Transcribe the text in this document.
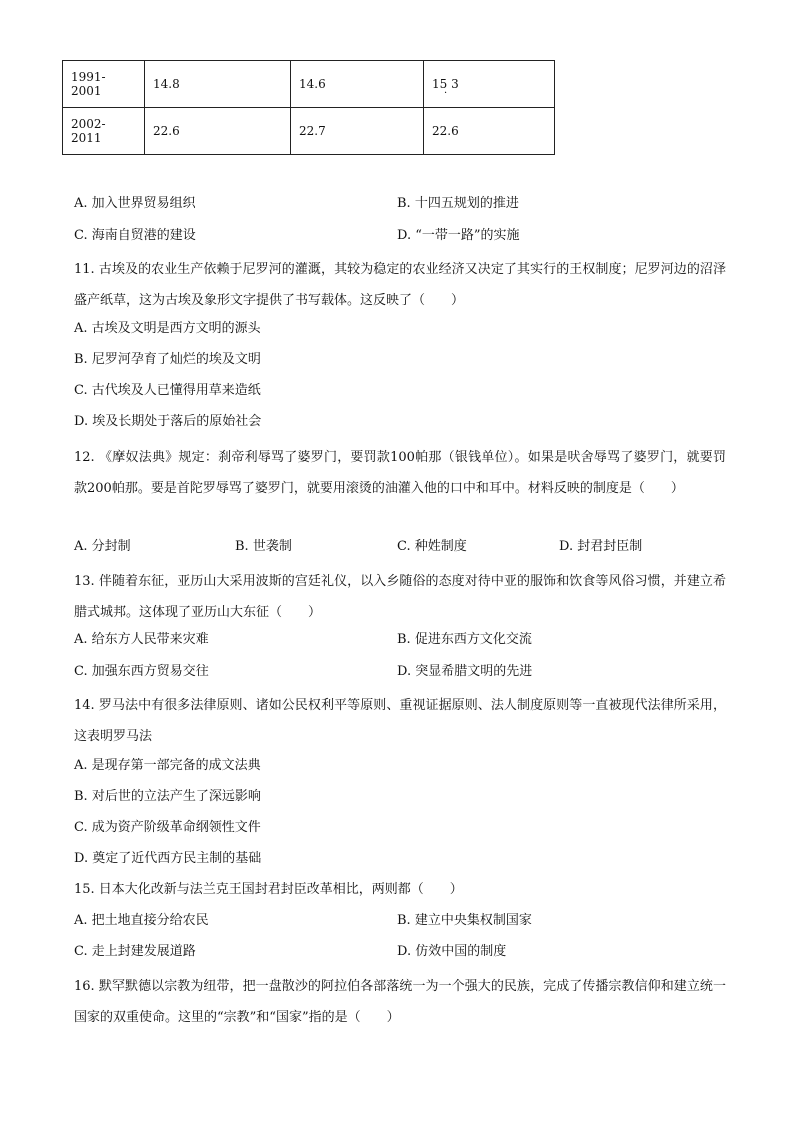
1991-2001	14.8	14.6	15 3
·

2002-2011	22.6	22.7	22.6
A. 加入世界贸易组织	B. 十四五规划的推进
C. 海南自贸港的建设	D. “一带一路”的实施
11. 古埃及的农业生产依赖于尼罗河的灌溉，其较为稳定的农业经济又决定了其实行的王权制度；尼罗河边的沼泽盛产纸草，这为古埃及象形文字提供了书写载体。这反映了（　　）
A. 古埃及文明是西方文明的源头
B. 尼罗河孕育了灿烂的埃及文明
C. 古代埃及人已懂得用草来造纸
D. 埃及长期处于落后的原始社会
12. 《摩奴法典》规定：刹帝利辱骂了婆罗门，要罚款100帕那（银钱单位）。如果是吠舍辱骂了婆罗门，就要罚款200帕那。要是首陀罗辱骂了婆罗门，就要用滚烫的油灌入他的口中和耳中。材料反映的制度是（　　）
A. 分封制	B. 世袭制	C. 种姓制度	D. 封君封臣制
13. 伴随着东征，亚历山大采用波斯的宫廷礼仪，以入乡随俗的态度对待中亚的服饰和饮食等风俗习惯，并建立希腊式城邦。这体现了亚历山大东征（　　）
A. 给东方人民带来灾难	B. 促进东西方文化交流
C. 加强东西方贸易交往	D. 突显希腊文明的先进
14. 罗马法中有很多法律原则、诸如公民权利平等原则、重视证据原则、法人制度原则等一直被现代法律所采用，这表明罗马法
A. 是现存第一部完备的成文法典
B. 对后世的立法产生了深远影响
C. 成为资产阶级革命纲领性文件
D. 奠定了近代西方民主制的基础
15. 日本大化改新与法兰克王国封君封臣改革相比，两则都（　　）
A. 把土地直接分给农民	B. 建立中央集权制国家
C. 走上封建发展道路	D. 仿效中国的制度
16. 默罕默德以宗教为纽带，把一盘散沙的阿拉伯各部落统一为一个强大的民族，完成了传播宗教信仰和建立统一国家的双重使命。这里的“宗教”和“国家”指的是（　　）
